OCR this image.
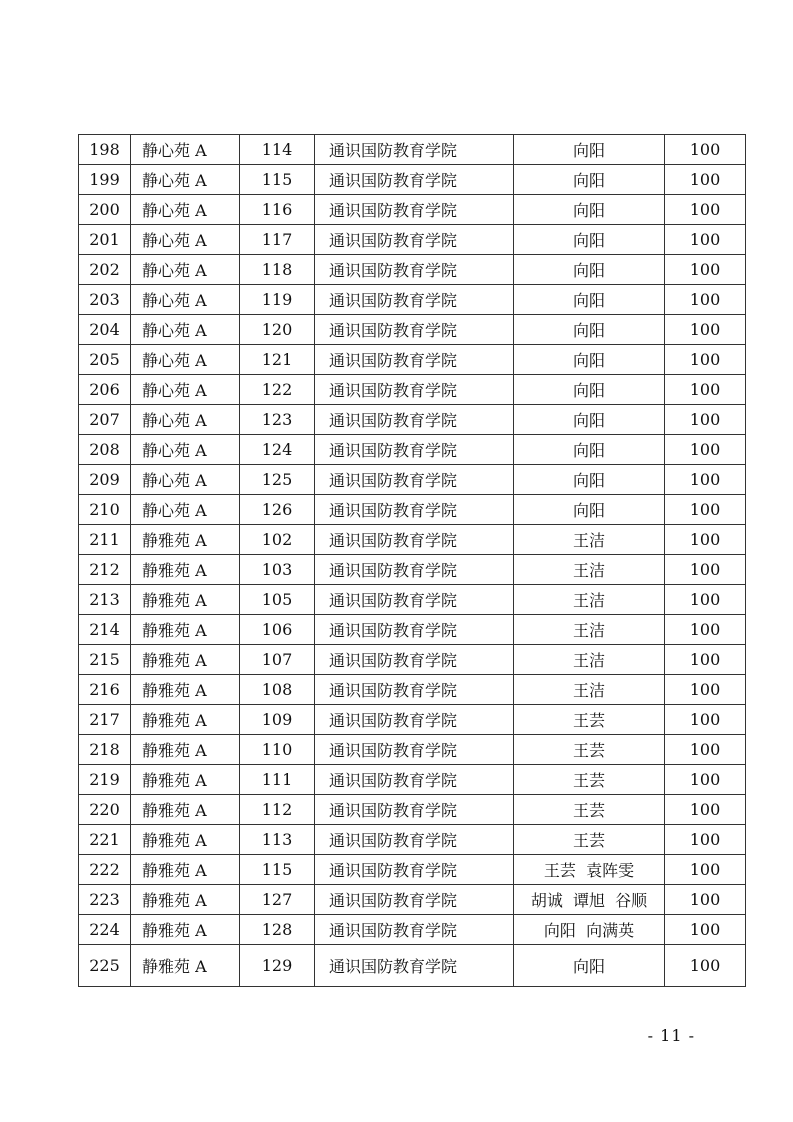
198	静心苑 A	114	通识国防教育学院	向阳	100
199	静心苑 A	115	通识国防教育学院	向阳	100
200	静心苑 A	116	通识国防教育学院	向阳	100
201	静心苑 A	117	通识国防教育学院	向阳	100
202	静心苑 A	118	通识国防教育学院	向阳	100
203	静心苑 A	119	通识国防教育学院	向阳	100
204	静心苑 A	120	通识国防教育学院	向阳	100
205	静心苑 A	121	通识国防教育学院	向阳	100
206	静心苑 A	122	通识国防教育学院	向阳	100
207	静心苑 A	123	通识国防教育学院	向阳	100
208	静心苑 A	124	通识国防教育学院	向阳	100
209	静心苑 A	125	通识国防教育学院	向阳	100
210	静心苑 A	126	通识国防教育学院	向阳	100
211	静雅苑 A	102	通识国防教育学院	王洁	100
212	静雅苑 A	103	通识国防教育学院	王洁	100
213	静雅苑 A	105	通识国防教育学院	王洁	100
214	静雅苑 A	106	通识国防教育学院	王洁	100
215	静雅苑 A	107	通识国防教育学院	王洁	100
216	静雅苑 A	108	通识国防教育学院	王洁	100
217	静雅苑 A	109	通识国防教育学院	王芸	100
218	静雅苑 A	110	通识国防教育学院	王芸	100
219	静雅苑 A	111	通识国防教育学院	王芸	100
220	静雅苑 A	112	通识国防教育学院	王芸	100
221	静雅苑 A	113	通识国防教育学院	王芸	100
222	静雅苑 A	115	通识国防教育学院	王芸  袁阵雯	100
223	静雅苑 A	127	通识国防教育学院	胡诚  谭旭  谷顺	100
224	静雅苑 A	128	通识国防教育学院	向阳  向满英	100
225	静雅苑 A	129	通识国防教育学院	向阳	100
- 11 -
